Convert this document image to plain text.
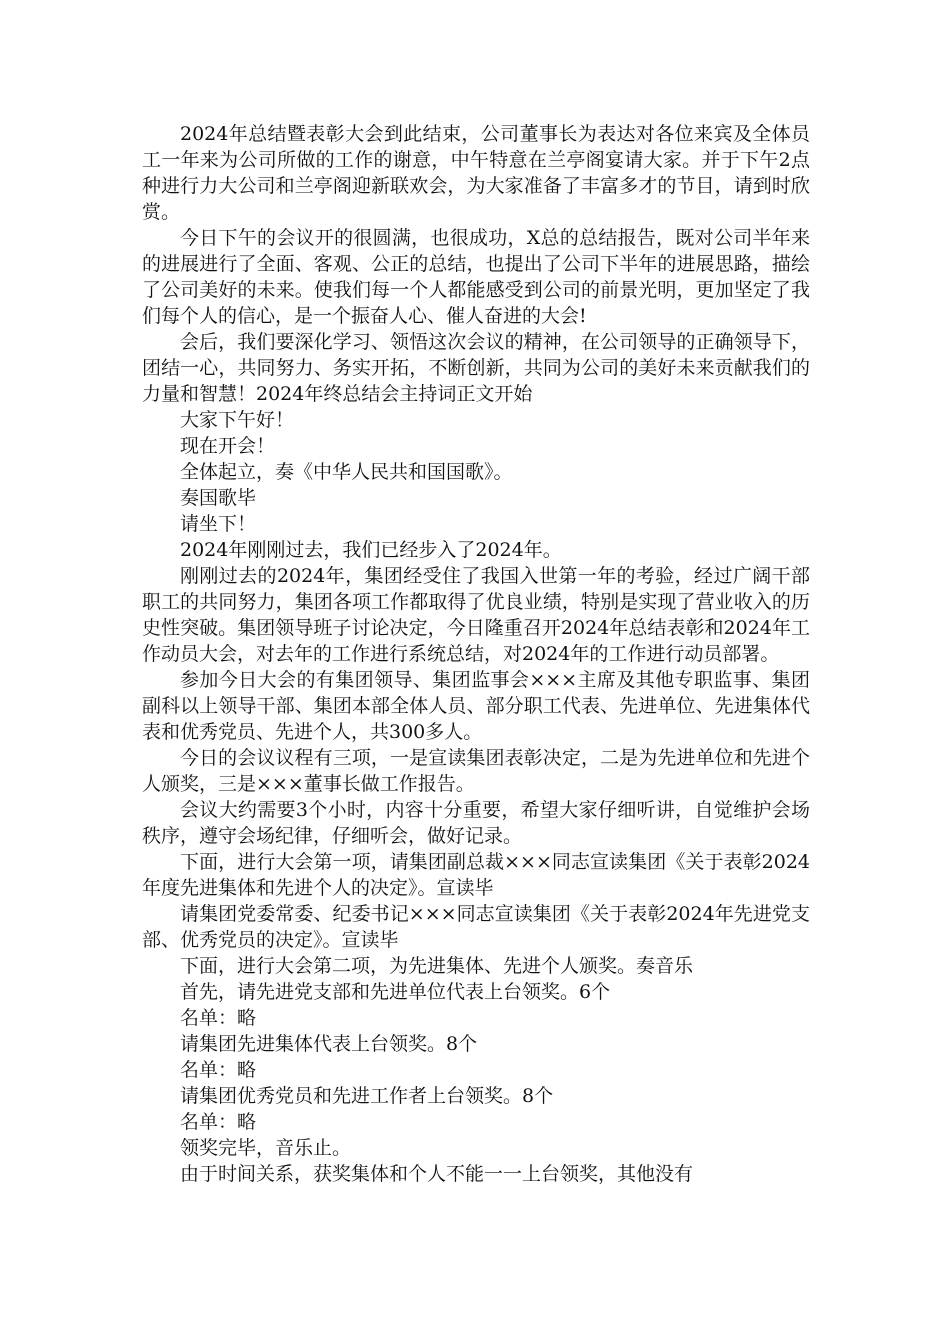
2024年总结暨表彰大会到此结束，公司董事长为表达对各位来宾及全体员工一年来为公司所做的工作的谢意，中午特意在兰亭阁宴请大家。并于下午2点种进行力大公司和兰亭阁迎新联欢会，为大家准备了丰富多才的节目，请到时欣赏。

今日下午的会议开的很圆满，也很成功，X总的总结报告，既对公司半年来的进展进行了全面、客观、公正的总结，也提出了公司下半年的进展思路，描绘了公司美好的未来。使我们每一个人都能感受到公司的前景光明，更加坚定了我们每个人的信心，是一个振奋人心、催人奋进的大会!

会后，我们要深化学习、领悟这次会议的精神，在公司领导的正确领导下，团结一心，共同努力、务实开拓，不断创新，共同为公司的美好未来贡献我们的力量和智慧！2024年终总结会主持词正文开始

大家下午好！

现在开会！

全体起立，奏《中华人民共和国国歌》。

奏国歌毕

请坐下！

2024年刚刚过去，我们已经步入了2024年。

刚刚过去的2024年，集团经受住了我国入世第一年的考验，经过广阔干部职工的共同努力，集团各项工作都取得了优良业绩，特别是实现了营业收入的历史性突破。集团领导班子讨论决定，今日隆重召开2024年总结表彰和2024年工作动员大会，对去年的工作进行系统总结，对2024年的工作进行动员部署。

参加今日大会的有集团领导、集团监事会×××主席及其他专职监事、集团副科以上领导干部、集团本部全体人员、部分职工代表、先进单位、先进集体代表和优秀党员、先进个人，共300多人。

今日的会议议程有三项，一是宣读集团表彰决定，二是为先进单位和先进个人颁奖，三是×××董事长做工作报告。

会议大约需要3个小时，内容十分重要，希望大家仔细听讲，自觉维护会场秩序，遵守会场纪律，仔细听会，做好记录。

下面，进行大会第一项，请集团副总裁×××同志宣读集团《关于表彰2024年度先进集体和先进个人的决定》。宣读毕

请集团党委常委、纪委书记×××同志宣读集团《关于表彰2024年先进党支部、优秀党员的决定》。宣读毕

下面，进行大会第二项，为先进集体、先进个人颁奖。奏音乐

首先，请先进党支部和先进单位代表上台领奖。6个

名单：略

请集团先进集体代表上台领奖。8个

名单：略

请集团优秀党员和先进工作者上台领奖。8个

名单：略

领奖完毕，音乐止。

由于时间关系，获奖集体和个人不能一一上台领奖，其他没有
